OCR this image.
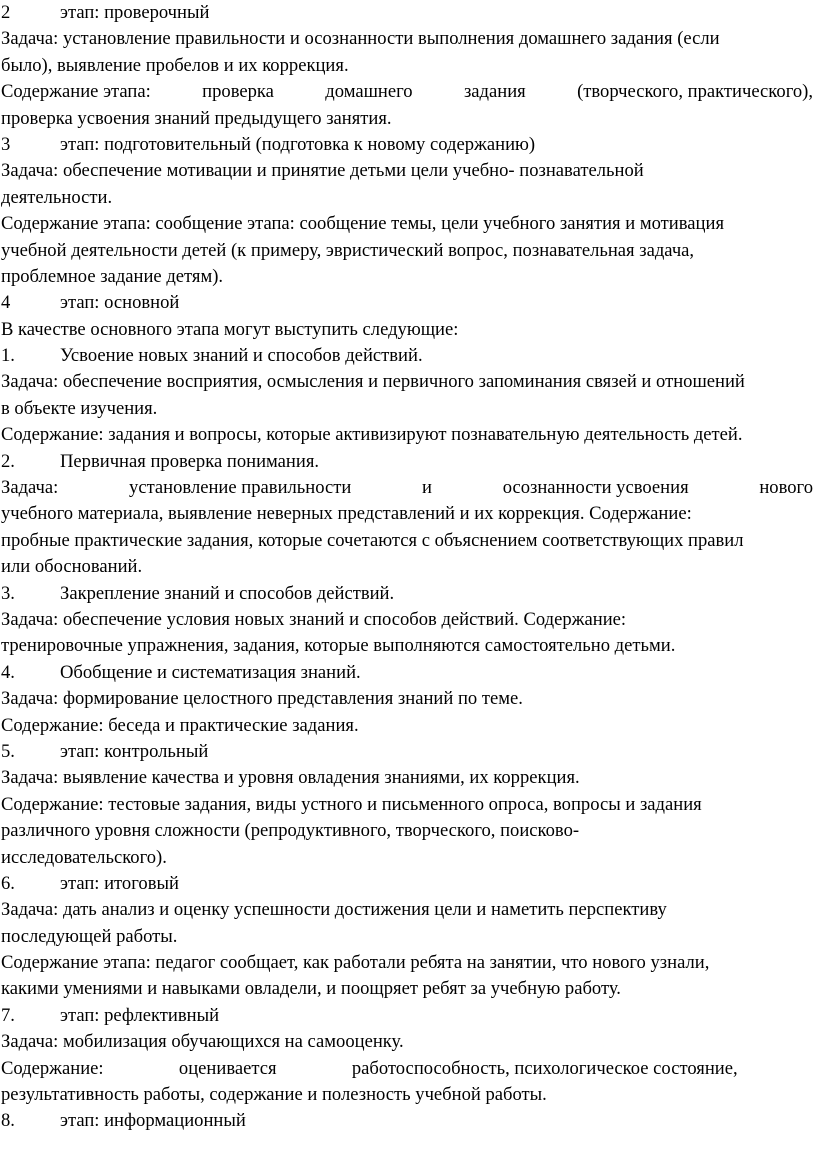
2	этап: проверочный
Задача: установление правильности и осознанности выполнения домашнего задания (если
было), выявление пробелов и их коррекция.
Содержание этапа:	проверка	домашнего	задания	(творческого, практического),
проверка усвоения знаний предыдущего занятия.
3	этап: подготовительный (подготовка к новому содержанию)
Задача: обеспечение мотивации и принятие детьми цели учебно- познавательной
деятельности.
Содержание этапа: сообщение этапа: сообщение темы, цели учебного занятия и мотивация
учебной деятельности детей (к примеру, эвристический вопрос, познавательная задача,
проблемное задание детям).
4	этап: основной
В качестве основного этапа могут выступить следующие:
1. Усвоение новых знаний и способов действий.
Задача: обеспечение восприятия, осмысления и первичного запоминания связей и отношений
в объекте изучения.
Содержание: задания и вопросы, которые активизируют познавательную деятельность детей.
2. Первичная проверка понимания.
Задача:	установление правильности	и	осознанности усвоения	нового
учебного материала, выявление неверных представлений и их коррекция. Содержание:
пробные практические задания, которые сочетаются с объяснением соответствующих правил
или обоснований.
3. Закрепление знаний и способов действий.
Задача: обеспечение условия новых знаний и способов действий. Содержание:
тренировочные упражнения, задания, которые выполняются самостоятельно детьми.
4. Обобщение и систематизация знаний.
Задача: формирование целостного представления знаний по теме.
Содержание: беседа и практические задания.
5. этап: контрольный
Задача: выявление качества и уровня овладения знаниями, их коррекция.
Содержание: тестовые задания, виды устного и письменного опроса, вопросы и задания
различного уровня сложности (репродуктивного, творческого, поисково-
исследовательского).
6. этап: итоговый
Задача: дать анализ и оценку успешности достижения цели и наметить перспективу
последующей работы.
Содержание этапа: педагог сообщает, как работали ребята на занятии, что нового узнали,
какими умениями и навыками овладели, и поощряет ребят за учебную работу.
7. этап: рефлективный
Задача: мобилизация обучающихся на самооценку.
Содержание:	оценивается	работоспособность, психологическое состояние,
результативность работы, содержание и полезность учебной работы.
8. этап: информационный
